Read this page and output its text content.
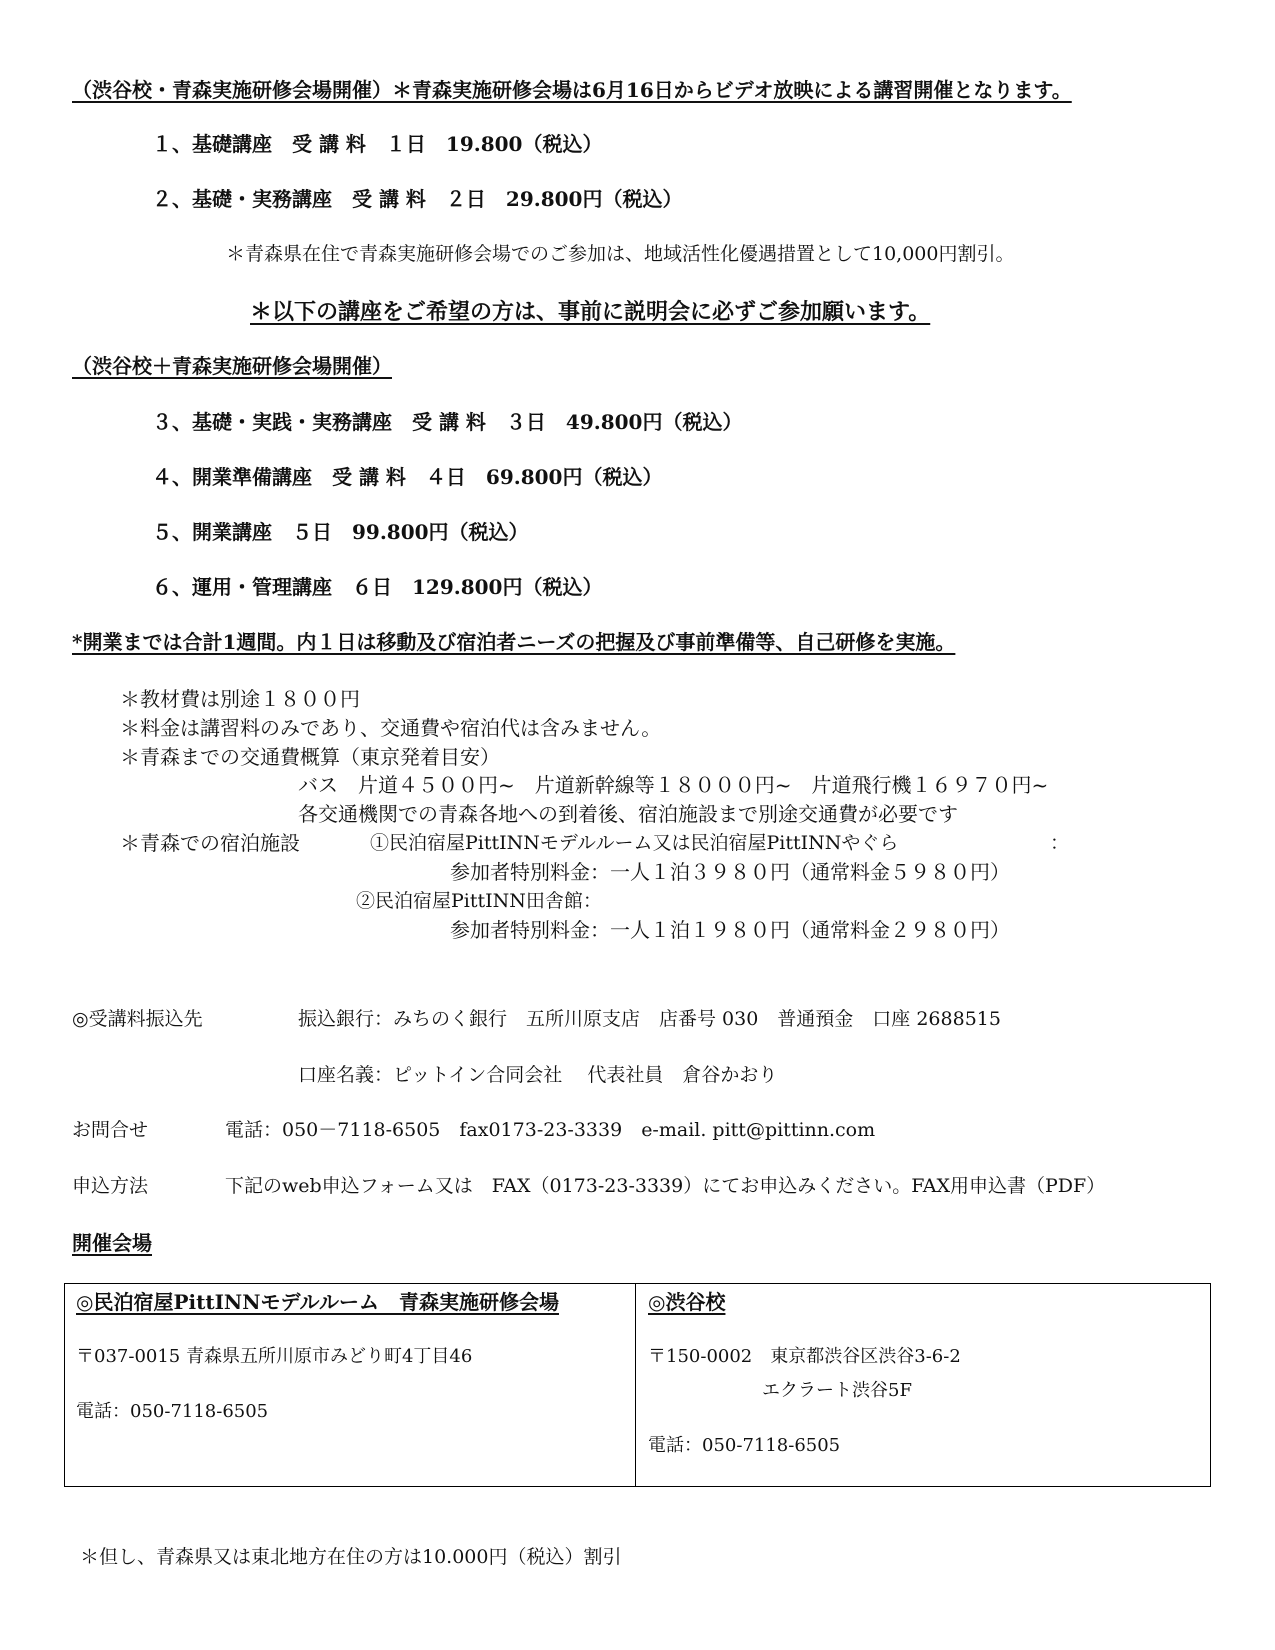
（渋谷校・青森実施研修会場開催）＊青森実施研修会場は6月16日からビデオ放映による講習開催となります。
１、基礎講座　受 講 料　１日　19.800（税込）
２、基礎・実務講座　受 講 料　２日　29.800円（税込）
＊青森県在住で青森実施研修会場でのご参加は、地域活性化優遇措置として10,000円割引。
＊以下の講座をご希望の方は、事前に説明会に必ずご参加願います。
（渋谷校＋青森実施研修会場開催）
３、基礎・実践・実務講座　受 講 料　３日　49.800円（税込）
４、開業準備講座　受 講 料　４日　69.800円（税込）
５、開業講座　５日　99.800円（税込）
６、運用・管理講座　６日　129.800円（税込）
*開業までは合計1週間。内１日は移動及び宿泊者ニーズの把握及び事前準備等、自己研修を実施。
＊教材費は別途１８００円
＊料金は講習料のみであり、交通費や宿泊代は含みません。
＊青森までの交通費概算（東京発着目安）
バス　片道４５００円~　片道新幹線等１８０００円~　片道飛行機１６９７０円~
各交通機関での青森各地への到着後、宿泊施設まで別途交通費が必要です
＊青森での宿泊施設	①民泊宿屋PittINNモデルルーム又は民泊宿屋PittINNやぐら	：
参加者特別料金：一人１泊３９８０円（通常料金５９８０円）
②民泊宿屋PittINN田舎館：
参加者特別料金：一人１泊１９８０円（通常料金２９８０円）
◎受講料振込先	振込銀行：みちのく銀行　五所川原支店　店番号 030　普通預金　口座 2688515
口座名義：ピットイン合同会社　 代表社員　倉谷かおり
お問合せ	電話：050－7118-6505　fax0173-23-3339　e-mail. pitt@pittinn.com
申込方法	下記のweb申込フォーム又は　FAX（0173-23-3339）にてお申込みください。FAX用申込書（PDF）
開催会場
◎民泊宿屋PittINNモデルルーム　青森実施研修会場
〒037-0015 青森県五所川原市みどり町4丁目46
電話：050-7118-6505
◎渋谷校
〒150-0002　東京都渋谷区渋谷3-6-2
エクラート渋谷5F
電話：050-7118-6505
＊但し、青森県又は東北地方在住の方は10.000円（税込）割引
